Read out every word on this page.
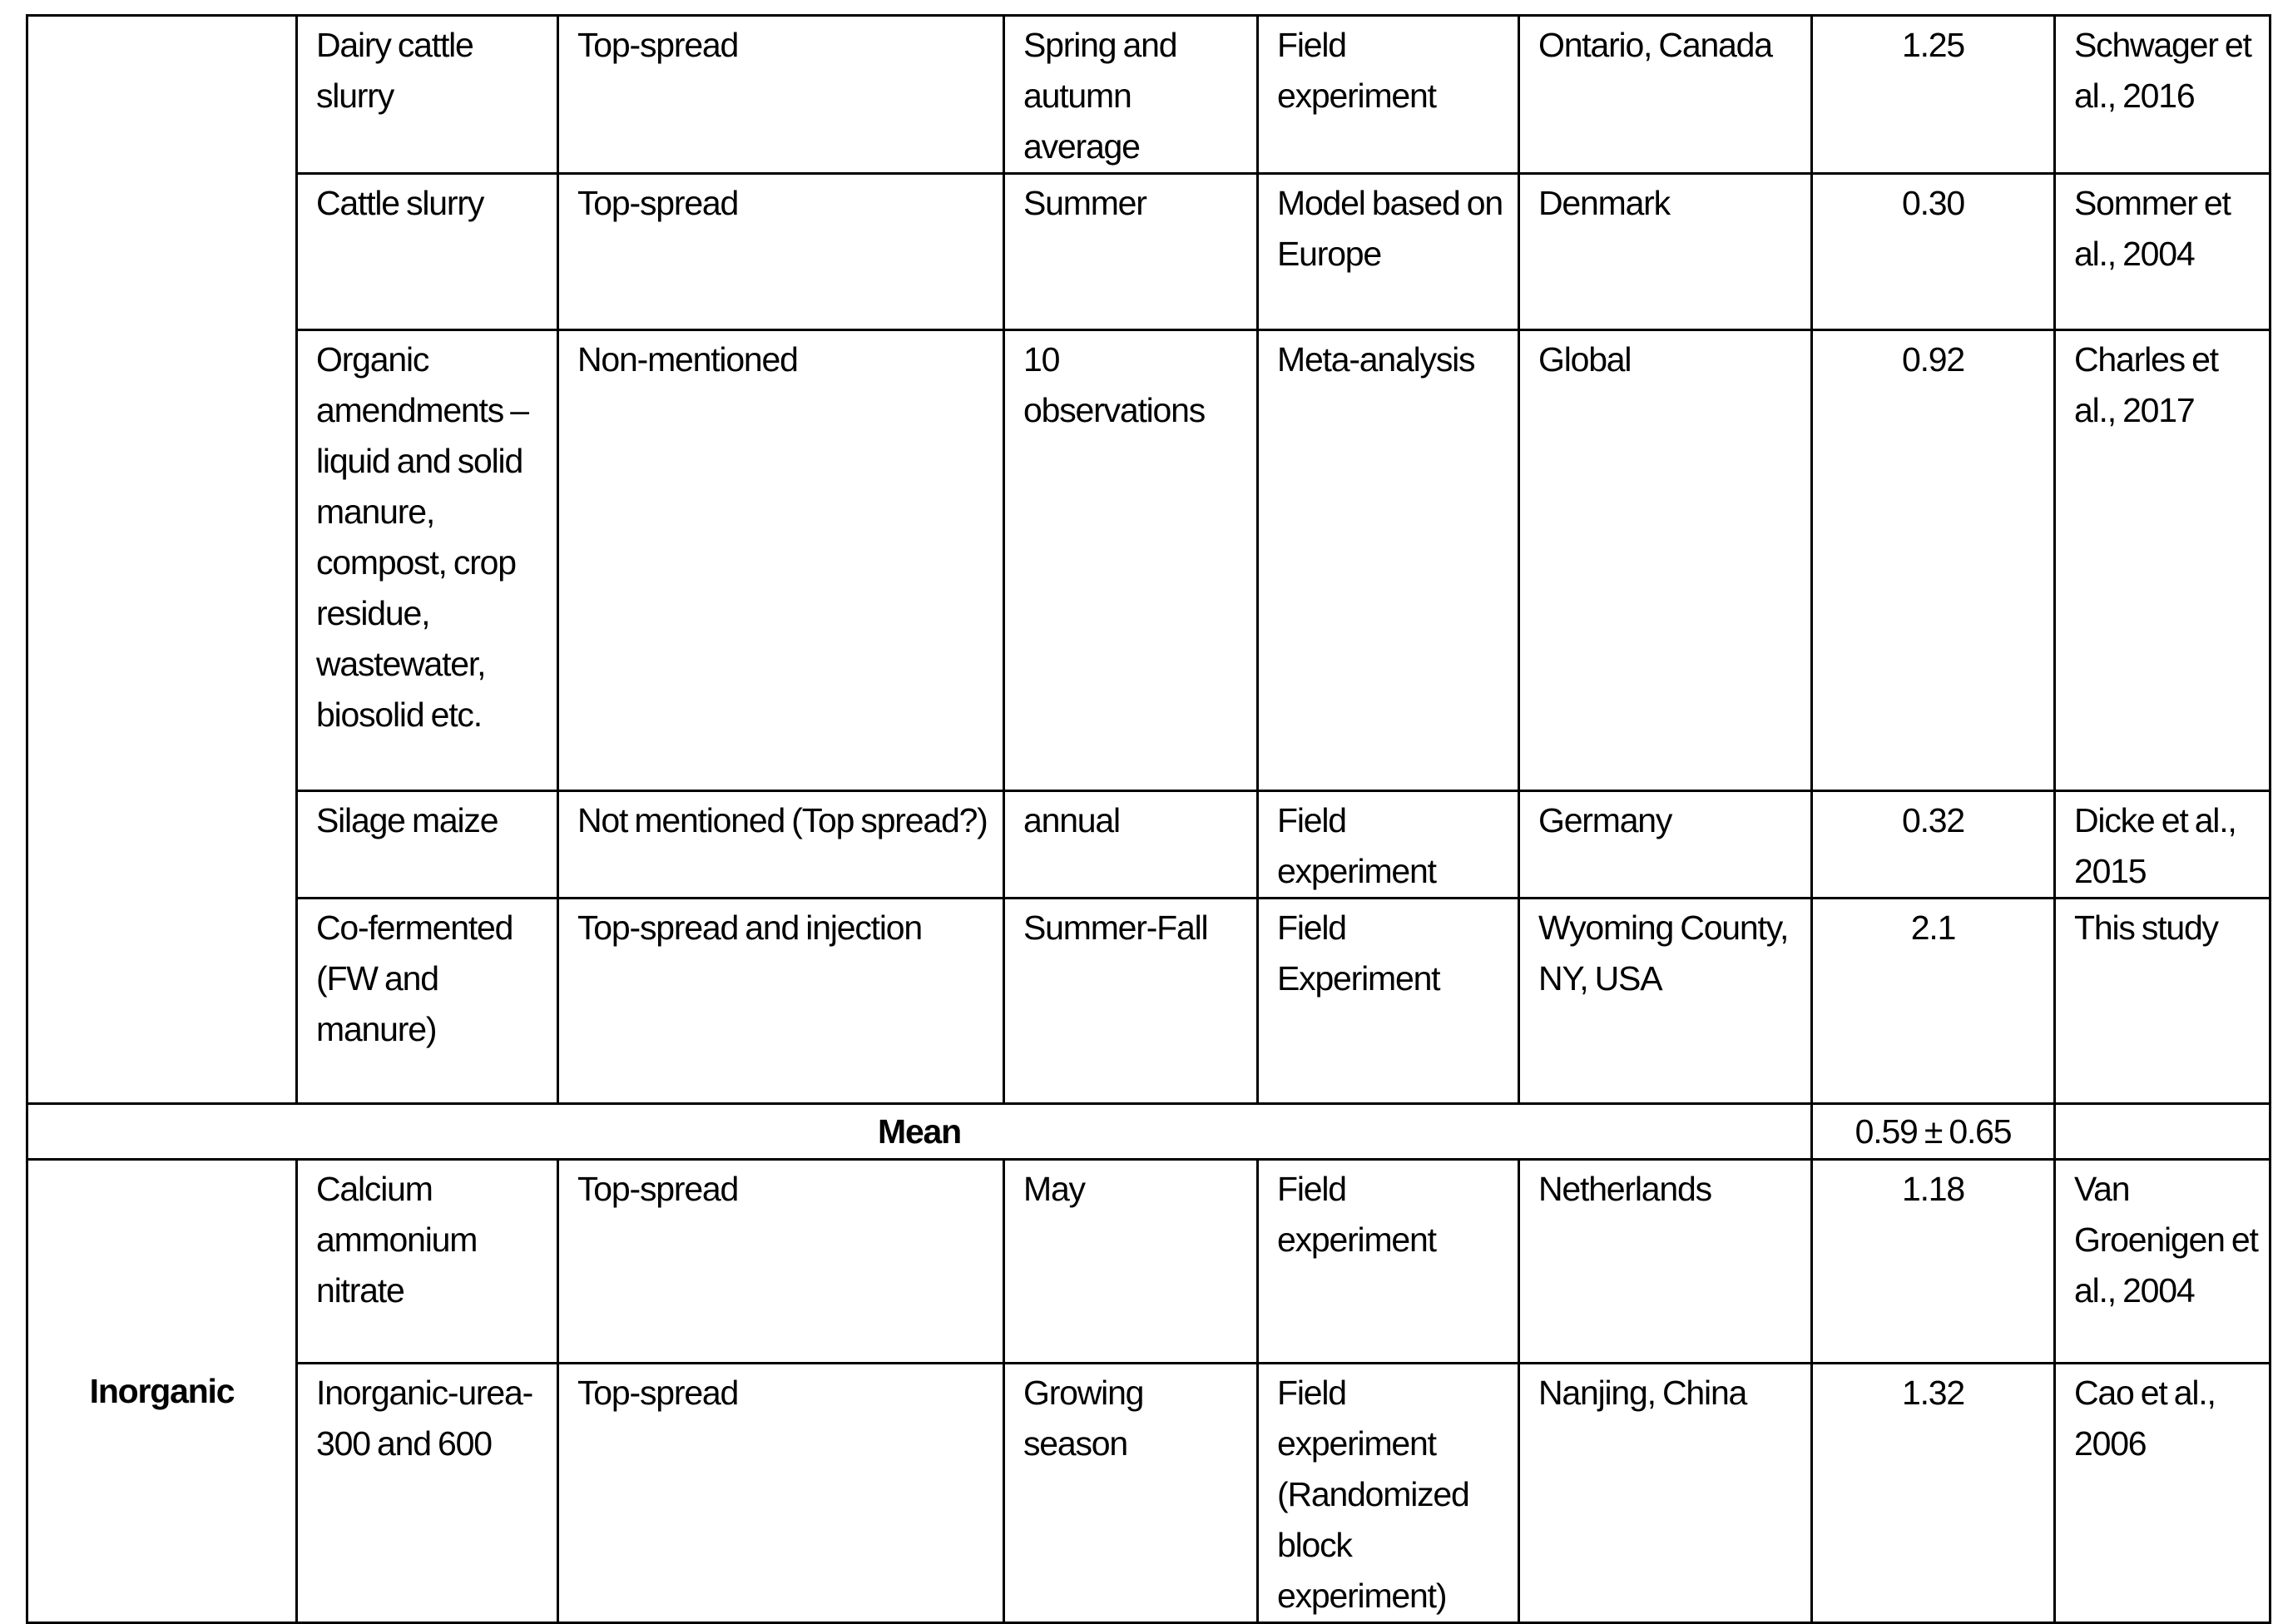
	Dairy cattle slurry	Top-spread	Spring and autumn average	Field experiment	Ontario, Canada	1.25	Schwager et al., 2016
	Cattle slurry	Top-spread	Summer	Model based on Europe	Denmark	0.30	Sommer et al., 2004
	Organic amendments – liquid and solid manure, compost, crop residue, wastewater, biosolid etc.	Non-mentioned	10 observations	Meta-analysis	Global	0.92	Charles et al., 2017
	Silage maize	Not mentioned (Top spread?)	annual	Field experiment	Germany	0.32	Dicke et al., 2015
	Co-fermented (FW and manure)	Top-spread and injection	Summer-Fall	Field Experiment	Wyoming County, NY, USA	2.1	This study
Mean						0.59 ± 0.65	
Inorganic	Calcium ammonium nitrate	Top-spread	May	Field experiment	Netherlands	1.18	Van Groenigen et al., 2004
	Inorganic-urea-300 and 600	Top-spread	Growing season	Field experiment (Randomized block experiment)	Nanjing, China	1.32	Cao et al., 2006
